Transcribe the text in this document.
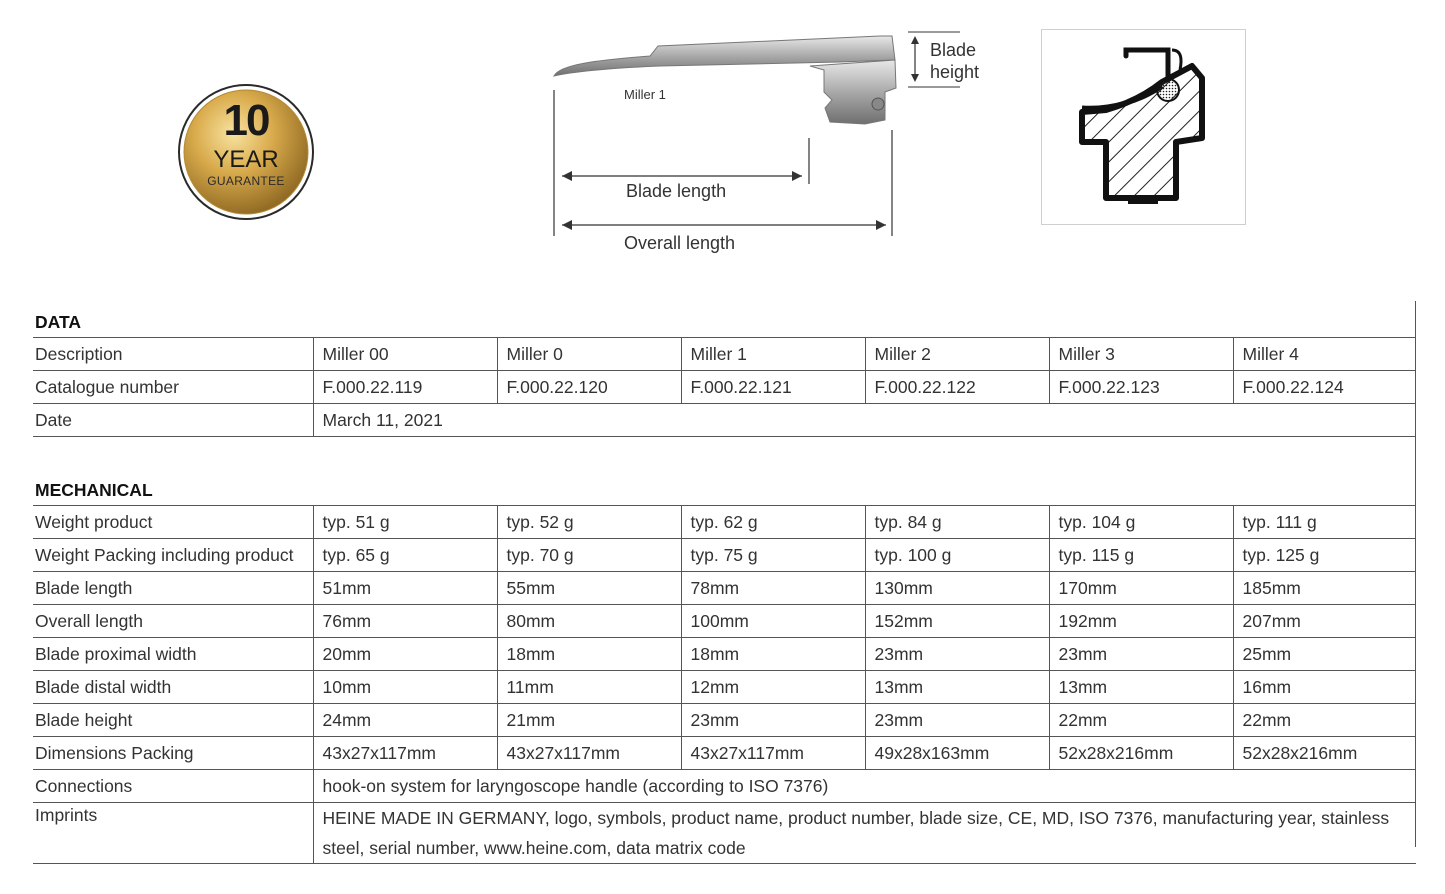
10
YEAR
GUARANTEE
Miller 1
Blade
height
Blade length
Overall length
DATA						
Description	Miller 00	Miller 0	Miller 1	Miller 2	Miller 3	Miller 4
Catalogue number	F.000.22.119	F.000.22.120	F.000.22.121	F.000.22.122	F.000.22.123	F.000.22.124
Date	March 11, 2021					
MECHANICAL						
Weight product	typ. 51 g	typ. 52 g	typ. 62 g	typ. 84 g	typ. 104 g	typ. 111 g
Weight Packing including product	typ. 65 g	typ. 70 g	typ. 75 g	typ. 100 g	typ. 115 g	typ. 125 g
Blade length	51mm	55mm	78mm	130mm	170mm	185mm
Overall length	76mm	80mm	100mm	152mm	192mm	207mm
Blade proximal width	20mm	18mm	18mm	23mm	23mm	25mm
Blade distal width	10mm	11mm	12mm	13mm	13mm	16mm
Blade height	24mm	21mm	23mm	23mm	22mm	22mm
Dimensions Packing	43x27x117mm	43x27x117mm	43x27x117mm	49x28x163mm	52x28x216mm	52x28x216mm
Connections	hook-on system for laryngoscope handle (according to ISO 7376)					
Imprints	HEINE MADE IN GERMANY, logo, symbols, product name, product number, blade size, CE, MD, ISO 7376, manufacturing year, stainless steel, serial number, www.heine.com, data matrix code					
